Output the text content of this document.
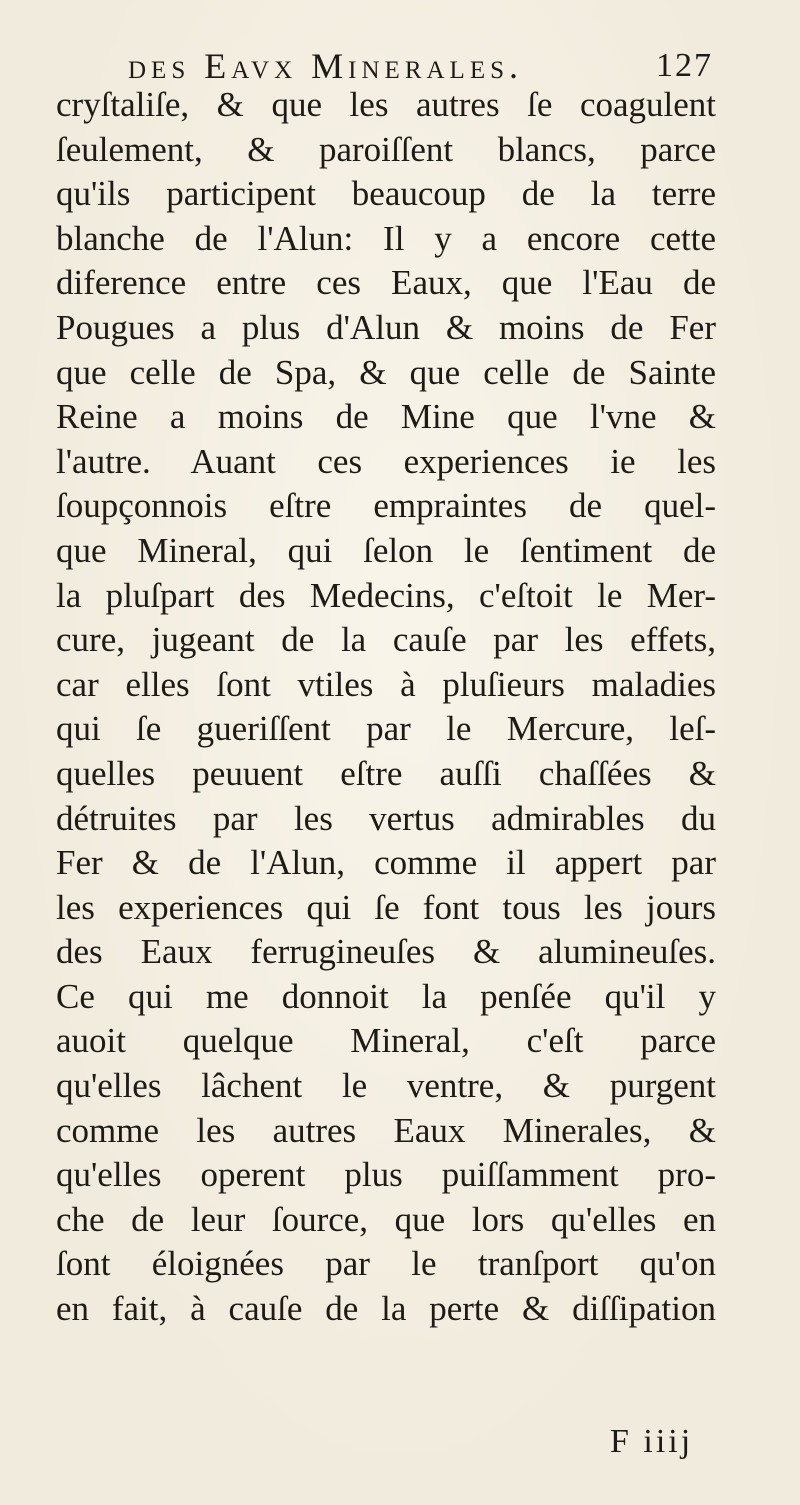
des Eavx Minerales.	127
cryſtaliſe, & que les autres ſe coagulent
ſeulement, & paroiſſent blancs, parce
qu'ils participent beaucoup de la terre
blanche de l'Alun: Il y a encore cette
diference entre ces Eaux, que l'Eau de
Pougues a plus d'Alun & moins de Fer
que celle de Spa, & que celle de Sainte
Reine a moins de Mine que l'vne &
l'autre. Auant ces experiences ie les
ſoupçonnois eſtre empraintes de quel-
que Mineral, qui ſelon le ſentiment de
la pluſpart des Medecins, c'eſtoit le Mer-
cure, jugeant de la cauſe par les effets,
car elles ſont vtiles à pluſieurs maladies
qui ſe gueriſſent par le Mercure, leſ-
quelles peuuent eſtre auſſi chaſſées &
détruites par les vertus admirables du
Fer & de l'Alun, comme il appert par
les experiences qui ſe font tous les jours
des Eaux ferrugineuſes & alumineuſes.
Ce qui me donnoit la penſée qu'il y
auoit quelque Mineral, c'eſt parce
qu'elles lâchent le ventre, & purgent
comme les autres Eaux Minerales, &
qu'elles operent plus puiſſamment pro-
che de leur ſource, que lors qu'elles en
ſont éloignées par le tranſport qu'on
en fait, à cauſe de la perte & diſſipation
F iiij
